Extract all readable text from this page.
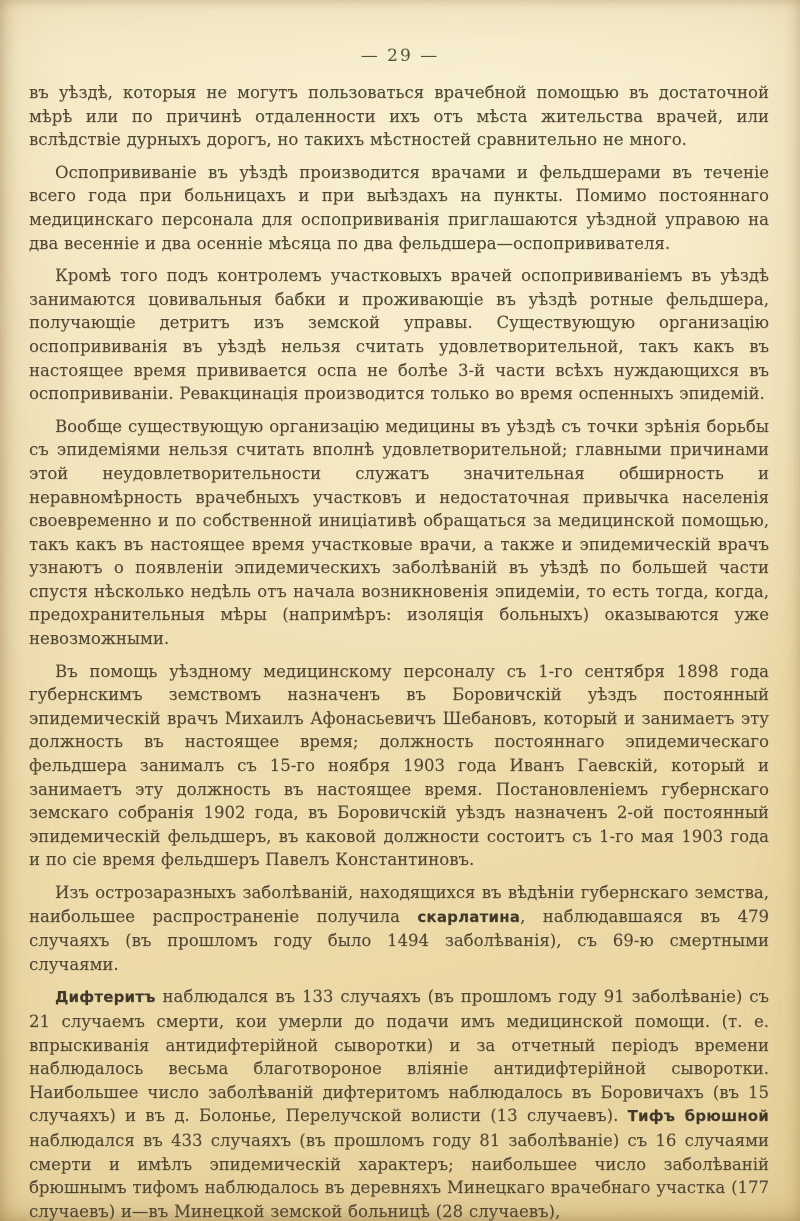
— 29 —

въ уѣздѣ, которыя не могутъ пользоваться врачебной помощью въ достаточной мѣрѣ или по причинѣ отдаленности ихъ отъ мѣста жительства врачей, или вслѣдствіе дурныхъ дорогъ, но такихъ мѣстностей сравнительно не много.

Оспопрививаніе въ уѣздѣ производится врачами и фельдшерами въ теченіе всего года при больницахъ и при выѣздахъ на пункты. Помимо постояннаго медицинскаго персонала для оспопрививанія приглашаются уѣздной управою на два весенніе и два осенніе мѣсяца по два фельдшера—оспопрививателя.

Кромѣ того подъ контролемъ участковыхъ врачей оспопрививаніемъ въ уѣздѣ занимаются цовивальныя бабки и проживающіе въ уѣздѣ ротные фельдшера, получающіе детритъ изъ земской управы. Существующую организацію оспопрививанія въ уѣздѣ нельзя считать удовлетворительной, такъ какъ въ настоящее время прививается оспа не болѣе 3-й части всѣхъ нуждающихся въ оспопрививаніи. Ревакцинація производится только во время оспенныхъ эпидемій.

Вообще существующую организацію медицины въ уѣздѣ съ точки зрѣнія борьбы съ эпидеміями нельзя считать вполнѣ удовлетворительной; главными причинами этой неудовлетворительности служатъ значительная обширность и неравномѣрность врачебныхъ участковъ и недостаточная привычка населенія своевременно и по собственной иниціативѣ обращаться за медицинской помощью, такъ какъ въ настоящее время участковые врачи, а также и эпидемическій врачъ узнаютъ о появленіи эпидемическихъ заболѣваній въ уѣздѣ по большей части спустя нѣсколько недѣль отъ начала возникновенія эпидеміи, то есть тогда, когда, предохранительныя мѣры (напримѣръ: изоляція больныхъ) оказываются уже невозможными.

Въ помощь уѣздному медицинскому персоналу съ 1-го сентября 1898 года губернскимъ земствомъ назначенъ въ Боровичскій уѣздъ постоянный эпидемическій врачъ Михаилъ Афонасьевичъ Шебановъ, который и занимаетъ эту должность въ настоящее время; должность постояннаго эпидемическаго фельдшера занималъ съ 15-го ноября 1903 года Иванъ Гаевскій, который и занимаетъ эту должность въ настоящее время. Постановленіемъ губернскаго земскаго собранія 1902 года, въ Боровичскій уѣздъ назначенъ 2-ой постоянный эпидемическій фельдшеръ, въ каковой должности состоитъ съ 1-го мая 1903 года и по сіе время фельдшеръ Павелъ Константиновъ.

Изъ острозаразныхъ заболѣваній, находящихся въ вѣдѣніи губернскаго земства, наибольшее распространеніе получила скарлатина, наблюдавшаяся въ 479 случаяхъ (въ прошломъ году было 1494 заболѣванія), съ 69-ю смертными случаями.

Дифтеритъ наблюдался въ 133 случаяхъ (въ прошломъ году 91 заболѣваніе) съ 21 случаемъ смерти, кои умерли до подачи имъ медицинской помощи. (т. е. впрыскиванія антидифтерійной сыворотки) и за отчетный періодъ времени наблюдалось весьма благотвороное вліяніе антидифтерійной сыворотки. Наибольшее число заболѣваній дифтеритомъ наблюдалось въ Боровичахъ (въ 15 случаяхъ) и въ д. Болонье, Перелучской волисти (13 случаевъ). Тифъ брюшной наблюдался въ 433 случаяхъ (въ прошломъ году 81 заболѣваніе) съ 16 случаями смерти и имѣлъ эпидемическій характеръ; наибольшее число заболѣваній брюшнымъ тифомъ наблюдалось въ деревняхъ Минецкаго врачебнаго участка (177 случаевъ) и—въ Минецкой земской больницѣ (28 случаевъ),
